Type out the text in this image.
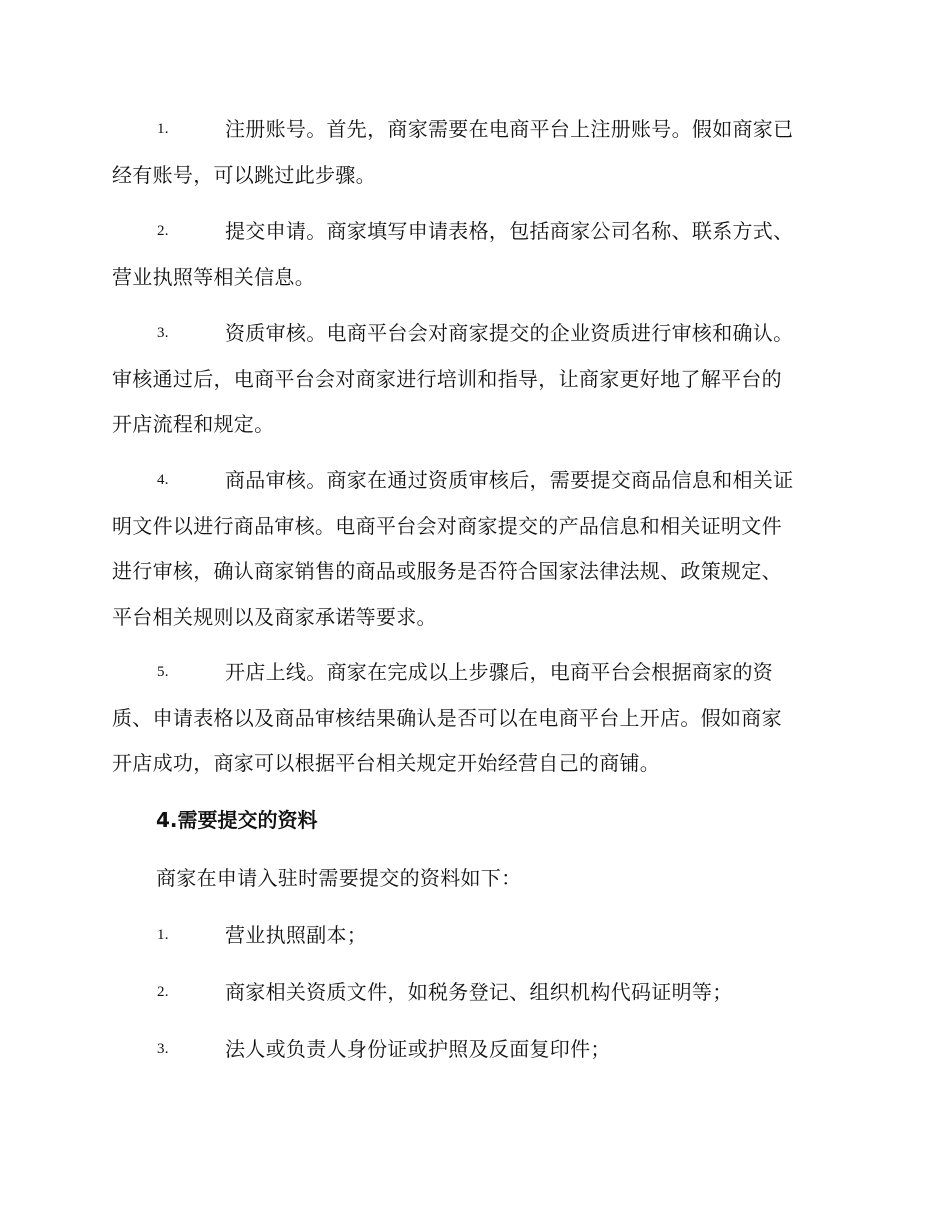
1.	注册账号。首先，商家需要在电商平台上注册账号。假如商家已
经有账号，可以跳过此步骤。
2.	提交申请。商家填写申请表格，包括商家公司名称、联系方式、
营业执照等相关信息。
3.	资质审核。电商平台会对商家提交的企业资质进行审核和确认。
审核通过后，电商平台会对商家进行培训和指导，让商家更好地了解平台的
开店流程和规定。
4.	商品审核。商家在通过资质审核后，需要提交商品信息和相关证
明文件以进行商品审核。电商平台会对商家提交的产品信息和相关证明文件
进行审核，确认商家销售的商品或服务是否符合国家法律法规、政策规定、
平台相关规则以及商家承诺等要求。
5.	开店上线。商家在完成以上步骤后，电商平台会根据商家的资
质、申请表格以及商品审核结果确认是否可以在电商平台上开店。假如商家
开店成功，商家可以根据平台相关规定开始经营自己的商铺。
4.需要提交的资料
商家在申请入驻时需要提交的资料如下：
1.	营业执照副本；
2.	商家相关资质文件，如税务登记、组织机构代码证明等；
3.	法人或负责人身份证或护照及反面复印件；
